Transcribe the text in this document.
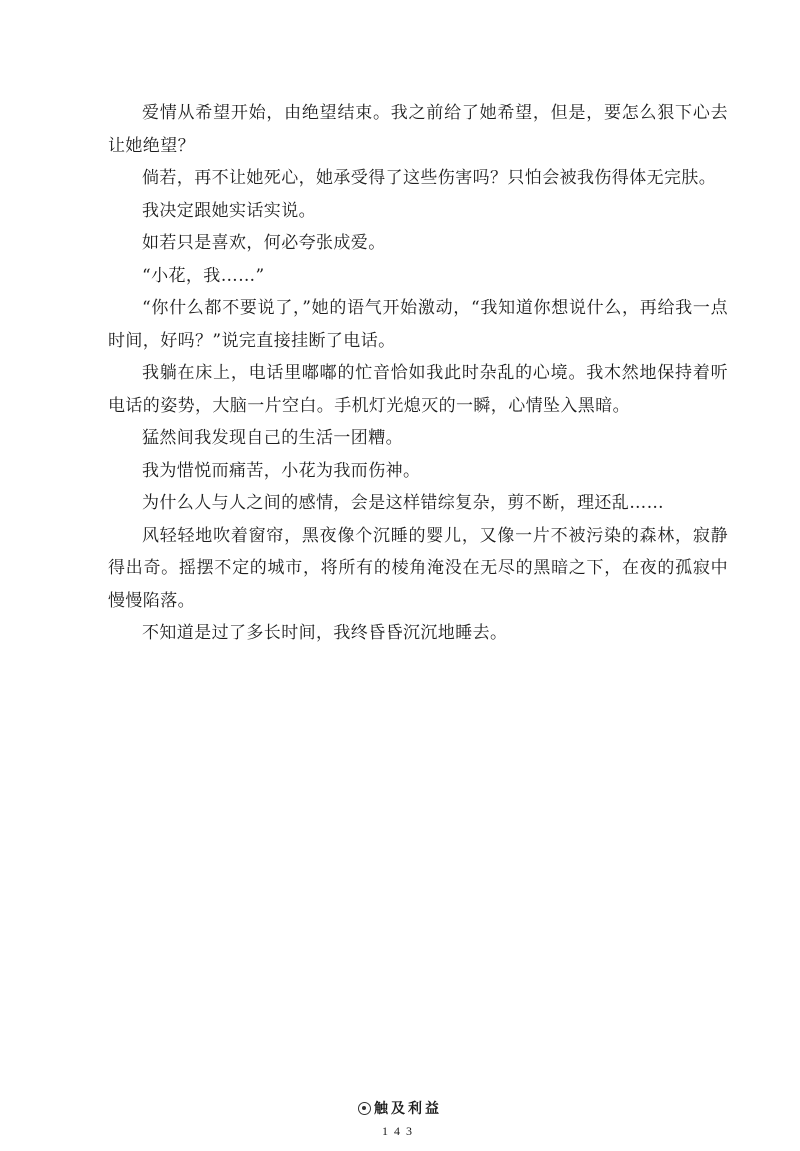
爱情从希望开始，由绝望结束。我之前给了她希望，但是，要怎么狠下心去让她绝望？

倘若，再不让她死心，她承受得了这些伤害吗？只怕会被我伤得体无完肤。

我决定跟她实话实说。

如若只是喜欢，何必夸张成爱。

“小花，我……”

“你什么都不要说了，”她的语气开始激动，“我知道你想说什么，再给我一点时间，好吗？”说完直接挂断了电话。

我躺在床上，电话里嘟嘟的忙音恰如我此时杂乱的心境。我木然地保持着听电话的姿势，大脑一片空白。手机灯光熄灭的一瞬，心情坠入黑暗。

猛然间我发现自己的生活一团糟。

我为惜悦而痛苦，小花为我而伤神。

为什么人与人之间的感情，会是这样错综复杂，剪不断，理还乱……

风轻轻地吹着窗帘，黑夜像个沉睡的婴儿，又像一片不被污染的森林，寂静得出奇。摇摆不定的城市，将所有的棱角淹没在无尽的黑暗之下，在夜的孤寂中慢慢陷落。

不知道是过了多长时间，我终昏昏沉沉地睡去。

触及利益
143
